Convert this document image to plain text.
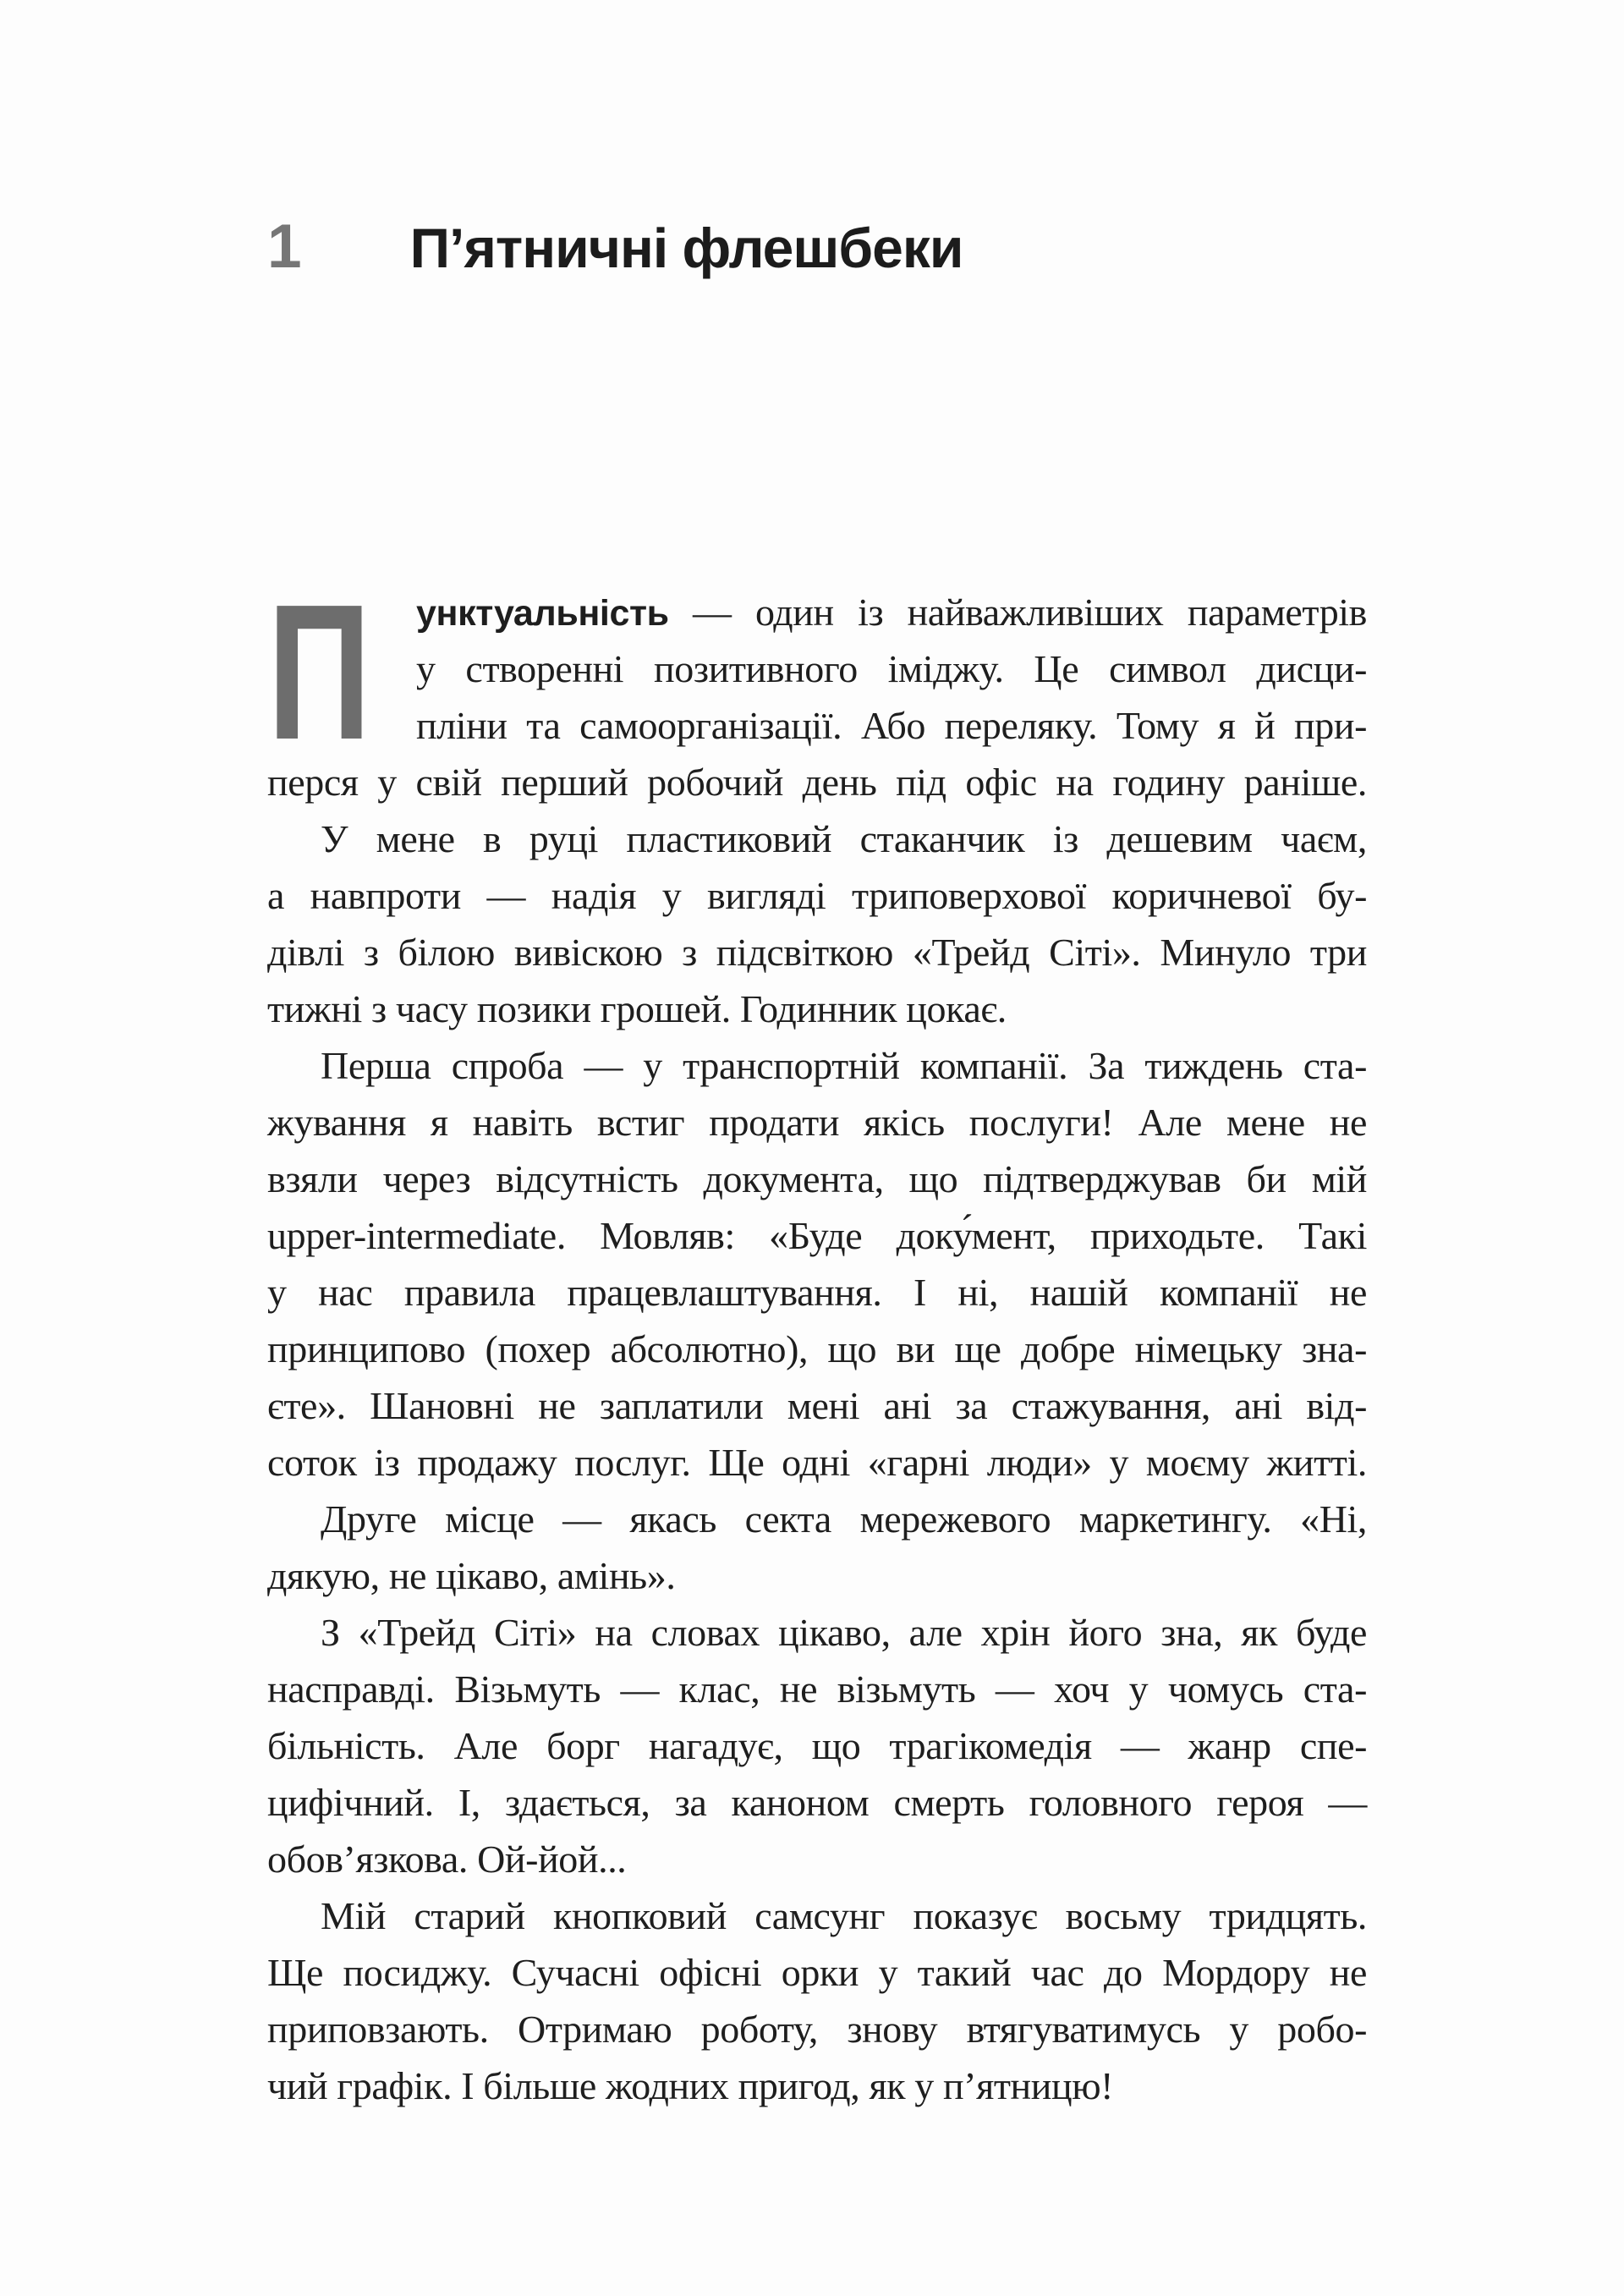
1 П’ятничні флешбеки
П	унктуальність — один із найважливіших параметрів
у створенні позитивного іміджу. Це символ дисци-
пліни та самоорганізації. Або переляку. Тому я й при-
перся у свій перший робочий день під офіс на годину раніше.
У мене в руці пластиковий стаканчик із дешевим чаєм,
а навпроти — надія у вигляді триповерхової коричневої бу-
дівлі з білою вивіскою з підсвіткою «Трейд Сіті». Минуло три
тижні з часу позики грошей. Годинник цокає.
Перша спроба — у транспортній компанії. За тиждень ста-
жування я навіть встиг продати якісь послуги! Але мене не
взяли через відсутність документа, що підтверджував би мій
upper-intermediate. Мовляв: «Буде доку́мент, приходьте. Такі
у нас правила працевлаштування. І ні, нашій компанії не
принципово (похер абсолютно), що ви ще добре німецьку зна-
єте». Шановні не заплатили мені ані за стажування, ані від-
соток із продажу послуг. Ще одні «гарні люди» у моєму житті.
Друге місце — якась секта мережевого маркетингу. «Ні,
дякую, не цікаво, амінь».
З «Трейд Сіті» на словах цікаво, але хрін його зна, як буде
насправді. Візьмуть — клас, не візьмуть — хоч у чомусь ста-
більність. Але борг нагадує, що трагікомедія — жанр спе-
цифічний. І, здається, за каноном смерть головного героя —
обов’язкова. Ой-йой...
Мій старий кнопковий самсунг показує восьму тридцять.
Ще посиджу. Сучасні офісні орки у такий час до Мордору не
приповзають. Отримаю роботу, знову втягуватимусь у робо-
чий графік. І більше жодних пригод, як у п’ятницю!
